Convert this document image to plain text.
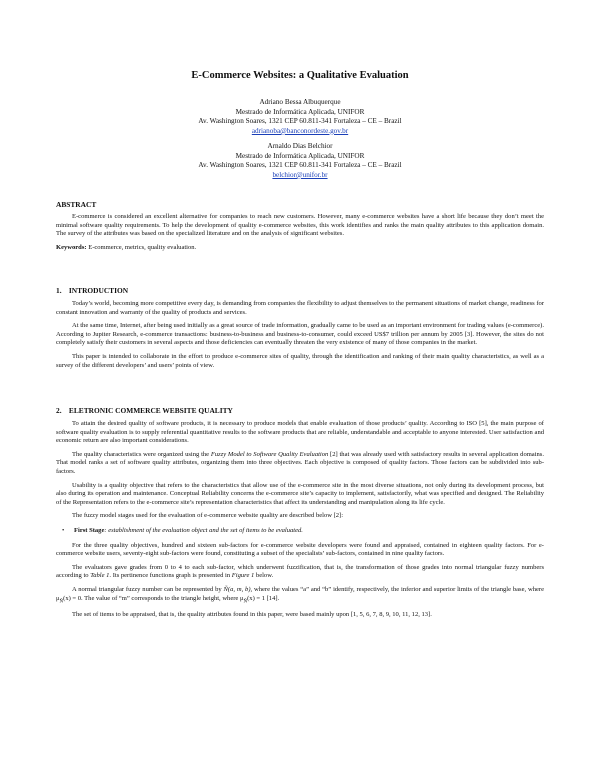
E-Commerce Websites: a Qualitative Evaluation
Adriano Bessa Albuquerque
Mestrado de Informática Aplicada, UNIFOR
Av. Washington Soares, 1321 CEP 60.811-341 Fortaleza – CE – Brazil
adrianoba@banconordeste.gov.br
Arnaldo Dias Belchior
Mestrado de Informática Aplicada, UNIFOR
Av. Washington Soares, 1321 CEP 60.811-341 Fortaleza – CE – Brazil
belchior@unifor.br

ABSTRACT

E-commerce is considered an excellent alternative for companies to reach new customers. However, many e-commerce websites have a short life because they don’t meet the minimal software quality requirements. To help the development of quality e-commerce websites, this work identifies and ranks the main quality attributes to this application domain. The survey of the attributes was based on the specialized literature and on the analysis of significant websites.

Keywords: E-commerce, metrics, quality evaluation.

1.    INTRODUCTION

Today’s world, becoming more competitive every day, is demanding from companies the flexibility to adjust themselves to the permanent situations of market change, readiness for constant innovation and warranty of the quality of products and services.

At the same time, Internet, after being used initially as a great source of trade information, gradually came to be used as an important environment for trading values (e-commerce). According to Jupiter Research, e-commerce transactions: business-to-business and business-to-consumer, could exceed US$7 trillion per annum by 2005 [3]. However, the sites do not completely satisfy their customers in several aspects and those deficiencies can eventually threaten the very existence of many of those companies in the market.

This paper is intended to collaborate in the effort to produce e-commerce sites of quality, through the identification and ranking of their main quality characteristics, as well as a survey of the different developers’ and users’ points of view.

2.    ELETRONIC COMMERCE WEBSITE QUALITY

To attain the desired quality of software products, it is necessary to produce models that enable evaluation of those products’ quality. According to ISO [5], the main purpose of software quality evaluation is to supply referential quantitative results to the software products that are reliable, understandable and acceptable to anyone interested. User satisfaction and economic return are also important considerations.

The quality characteristics were organized using the Fuzzy Model to Software Quality Evaluation [2] that was already used with satisfactory results in several application domains. That model ranks a set of software quality attributes, organizing them into three objectives. Each objective is composed of quality factors. Those factors can be subdivided into sub-factors.

Usability is a quality objective that refers to the characteristics that allow use of the e-commerce site in the most diverse situations, not only during its development process, but also during its operation and maintenance. Conceptual Reliability concerns the e-commerce site’s capacity to implement, satisfactorily, what was specified and designed. The Reliability of the Representation refers to the e-commerce site’s representation characteristics that affect its understanding and manipulation along its life cycle.

The fuzzy model stages used for the evaluation of e-commerce website quality are described below [2]:

• First Stage: establishment of the evaluation object and the set of items to be evaluated.

For the three quality objectives, hundred and sixteen sub-factors for e-commerce website developers were found and appraised, contained in eighteen quality factors. For e-commerce website users, seventy-eight sub-factors were found, constituting a subset of the specialists’ sub-factors, contained in nine quality factors.

The evaluators gave grades from 0 to 4 to each sub-factor, which underwent fuzzification, that is, the transformation of those grades into normal triangular fuzzy numbers according to Table 1. Its pertinence functions graph is presented in Figure 1 below.

A normal triangular fuzzy number can be represented by Ñ(a, m, b), where the values “a” and “b” identify, respectively, the inferior and superior limits of the triangle base, where $\mu_Ñ(x) = 0$. The value of “m” corresponds to the triangle height, where $\mu_Ñ(x) = 1$ [14].

The set of items to be appraised, that is, the quality attributes found in this paper, were based mainly upon [1, 5, 6, 7, 8, 9, 10, 11, 12, 13].
